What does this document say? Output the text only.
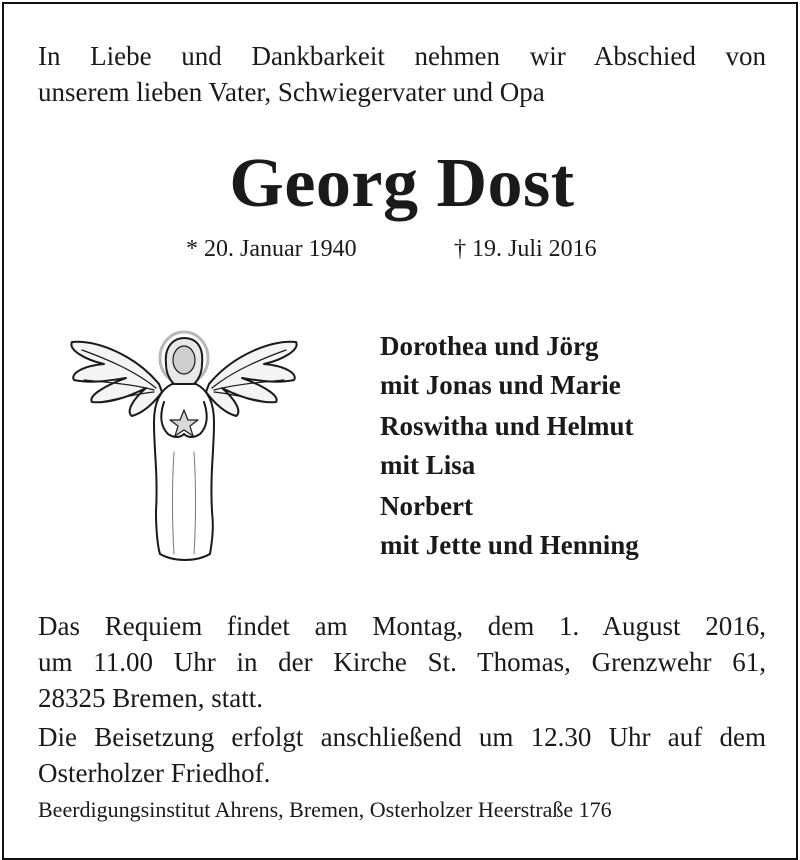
In Liebe und Dankbarkeit nehmen wir Abschied von
unserem lieben Vater, Schwiegervater und Opa
Georg Dost
* 20. Januar 1940	† 19. Juli 2016
Dorothea und Jörg
mit Jonas und Marie
Roswitha und Helmut
mit Lisa
Norbert
mit Jette und Henning
Das Requiem findet am Montag, dem 1. August 2016,
um 11.00 Uhr in der Kirche St. Thomas, Grenzwehr 61,
28325 Bremen, statt.
Die Beisetzung erfolgt anschließend um 12.30 Uhr auf dem
Osterholzer Friedhof.
Beerdigungsinstitut Ahrens, Bremen, Osterholzer Heerstraße 176
